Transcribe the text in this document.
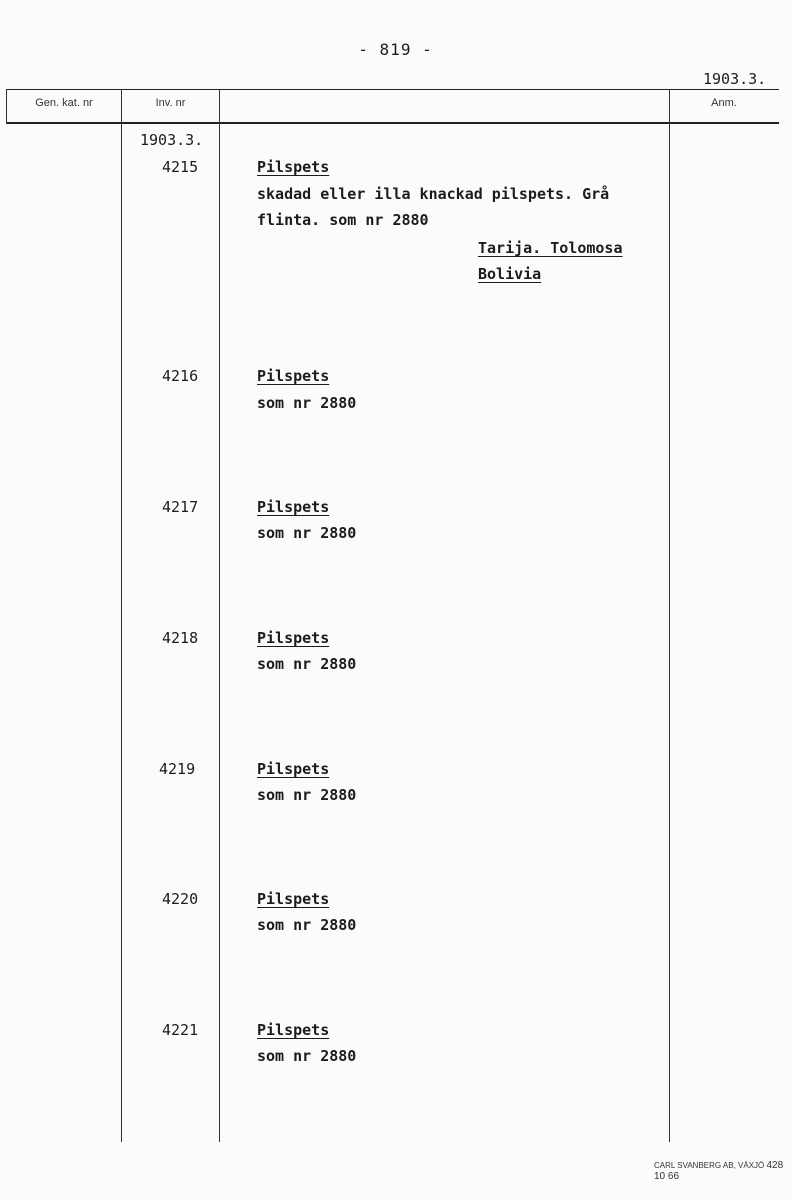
- 819 -
1903.3.
Gen. kat. nr	Inv. nr	Anm.
1903.3.
4215	Pilspets
skadad eller illa knackad pilspets. Grå
flinta. som nr 2880
Tarija. Tolomosa
Bolivia
4216	Pilspets
som nr 2880
4217	Pilspets
som nr 2880
4218	Pilspets
som nr 2880
4219	Pilspets
som nr 2880
4220	Pilspets
som nr 2880
4221	Pilspets
som nr 2880
CARL SVANBERG AB, VÄXJÖ 428 10 66
